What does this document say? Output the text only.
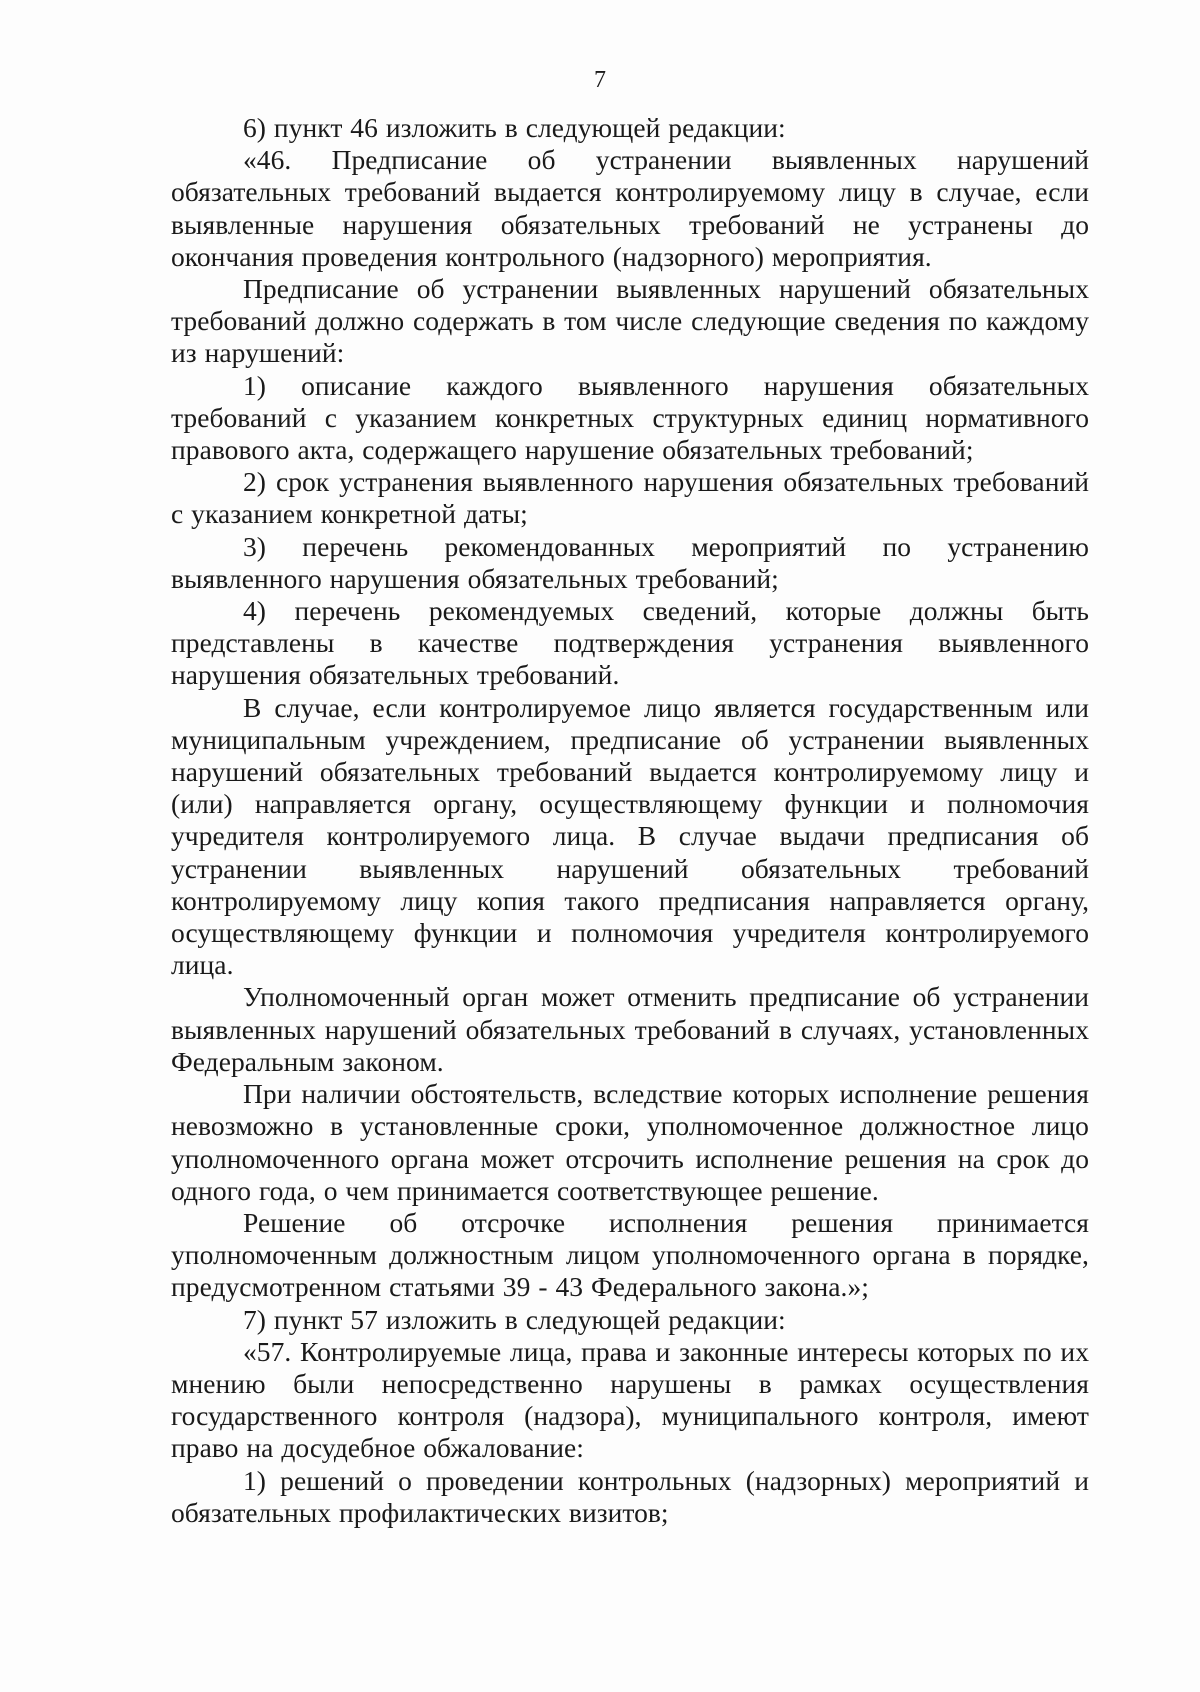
7

6) пункт 46 изложить в следующей редакции:

«46. Предписание об устранении выявленных нарушений обязательных требований выдается контролируемому лицу в случае, если выявленные нарушения обязательных требований не устранены до окончания проведения контрольного (надзорного) мероприятия.

Предписание об устранении выявленных нарушений обязательных требований должно содержать в том числе следующие сведения по каждому из нарушений:

1) описание каждого выявленного нарушения обязательных требований с указанием конкретных структурных единиц нормативного правового акта, содержащего нарушение обязательных требований;

2) срок устранения выявленного нарушения обязательных требований с указанием конкретной даты;

3) перечень рекомендованных мероприятий по устранению выявленного нарушения обязательных требований;

4) перечень рекомендуемых сведений, которые должны быть представлены в качестве подтверждения устранения выявленного нарушения обязательных требований.

В случае, если контролируемое лицо является государственным или муниципальным учреждением, предписание об устранении выявленных нарушений обязательных требований выдается контролируемому лицу и (или) направляется органу, осуществляющему функции и полномочия учредителя контролируемого лица. В случае выдачи предписания об устранении выявленных нарушений обязательных требований контролируемому лицу копия такого предписания направляется органу, осуществляющему функции и полномочия учредителя контролируемого лица.

Уполномоченный орган может отменить предписание об устранении выявленных нарушений обязательных требований в случаях, установленных Федеральным законом.

При наличии обстоятельств, вследствие которых исполнение решения невозможно в установленные сроки, уполномоченное должностное лицо уполномоченного органа может отсрочить исполнение решения на срок до одного года, о чем принимается соответствующее решение.

Решение об отсрочке исполнения решения принимается уполномоченным должностным лицом уполномоченного органа в порядке, предусмотренном статьями 39 - 43 Федерального закона.»;

7) пункт 57 изложить в следующей редакции:

«57. Контролируемые лица, права и законные интересы которых по их мнению были непосредственно нарушены в рамках осуществления государственного контроля (надзора), муниципального контроля, имеют право на досудебное обжалование:

1) решений о проведении контрольных (надзорных) мероприятий и обязательных профилактических визитов;
